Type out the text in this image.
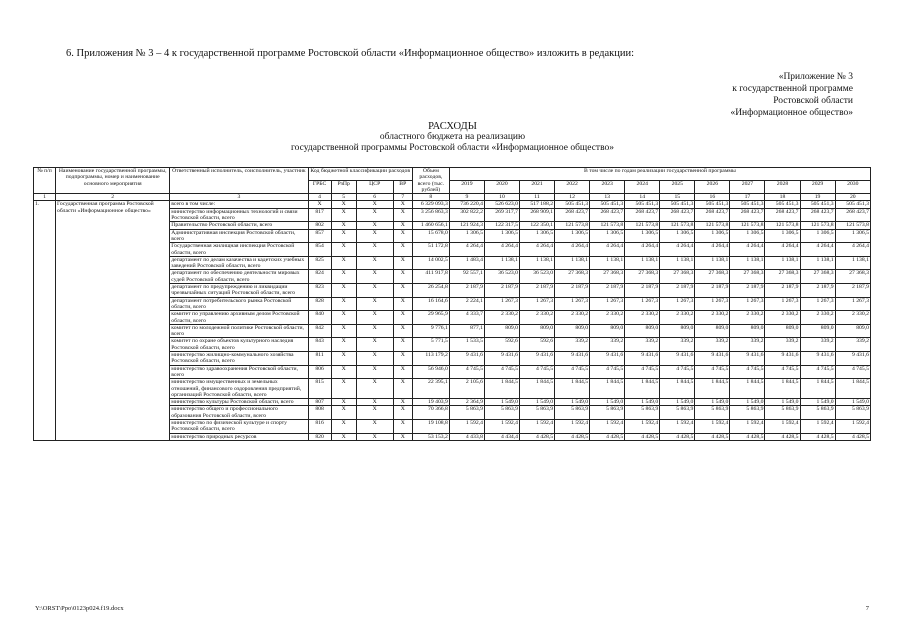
6. Приложения № 3 – 4 к государственной программе Ростовской области «Информационное общество» изложить в редакции:
«Приложение № 3
к государственной программе
Ростовской области
«Информационное общество»
РАСХОДЫ
областного бюджета на реализацию
государственной программы Ростовской области «Информационное общество»
№ п/п	Наименование государственной программы, подпрограммы, номер и наименование основного мероприятия	Ответственный исполнитель, соисполнитель, участник	Код бюджетной классификации расходов				Объем расходов, всего (тыс. рублей)	В том числе по годам реализации государственной программы											
			ГРБС	РзПр	ЦСР	ВР		2019	2020	2021	2022	2023	2024	2025	2026	2027	2028	2029	2030
1	2	3	4	5	6	7	8	9	10	11	12	13	14	15	16	17	18	19	20
1.	Государственная программа Ростовской области «Информационное общество»	всего в том числе:	X	X	X	X	6 329 093,3	736 220,4	526 623,0	517 188,2	505 451,3	505 451,3	505 451,3	505 451,3	505 451,3	505 451,3	505 451,3	505 451,3	505 451,3
		министерство информационных технологий и связи Ростовской области, всего	817	X	X	X	3 256 863,3	302 822,2	269 317,7	268 909,1	268 423,7	268 423,7	268 423,7	268 423,7	268 423,7	268 423,7	268 423,7	268 423,7	268 423,7
		Правительство Ростовской области, всего	802	X	X	X	1 460 656,1	121 924,3	122 317,5	122 350,1	121 573,8	121 573,8	121 573,8	121 573,8	121 573,8	121 573,8	121 573,8	121 573,8	121 573,8
		Административная инспекция Ростовской области, всего	857	X	X	X	15 678,0	1 306,5	1 306,5	1 306,5	1 306,5	1 306,5	1 306,5	1 306,5	1 306,5	1 306,5	1 306,5	1 306,5	1 306,5
		Государственная жилищная инспекция Ростовской области, всего	854	X	X	X	51 172,8	4 264,4	4 264,4	4 264,4	4 264,4	4 264,4	4 264,4	4 264,4	4 264,4	4 264,4	4 264,4	4 264,4	4 264,4
		департамент по делам казачества и кадетских учебных заведений Ростовской области, всего	825	X	X	X	14 002,5	1 483,4	1 138,1	1 138,1	1 138,1	1 138,1	1 138,1	1 138,1	1 138,1	1 138,1	1 138,1	1 138,1	1 138,1
		департамент по обеспечению деятельности мировых судей Ростовской области, всего	824	X	X	X	411 917,8	92 557,1	36 523,0	36 523,0	27 368,3	27 368,3	27 368,3	27 368,3	27 368,3	27 368,3	27 368,3	27 368,3	27 368,3
		департамент по предупреждению и ликвидации чрезвычайных ситуаций Ростовской области, всего	823	X	X	X	26 254,8	2 187,9	2 187,9	2 187,9	2 187,9	2 187,9	2 187,9	2 187,9	2 187,9	2 187,9	2 187,9	2 187,9	2 187,9
		департамент потребительского рынка Ростовской области, всего	828	X	X	X	16 164,6	2 224,1	1 267,3	1 267,3	1 267,3	1 267,3	1 267,3	1 267,3	1 267,3	1 267,3	1 267,3	1 267,3	1 267,3
		комитет по управлению архивным делом Ростовской области, всего	840	X	X	X	29 965,9	4 333,7	2 330,2	2 330,2	2 330,2	2 330,2	2 330,2	2 330,2	2 330,2	2 330,2	2 330,2	2 330,2	2 330,2
		комитет по молодежной политике Ростовской области, всего	842	X	X	X	9 776,1	877,1	809,0	809,0	809,0	809,0	809,0	809,0	809,0	809,0	809,0	809,0	809,0
		комитет по охране объектов культурного наследия Ростовской области, всего	843	X	X	X	5 771,5	1 533,5	592,6	592,6	339,2	339,2	339,2	339,2	339,2	339,2	339,2	339,2	339,2
		министерство жилищно-коммунального хозяйства Ростовской области, всего	811	X	X	X	113 179,2	9 431,6	9 431,6	9 431,6	9 431,6	9 431,6	9 431,6	9 431,6	9 431,6	9 431,6	9 431,6	9 431,6	9 431,6
		министерство здравоохранения Ростовской области, всего	806	X	X	X	56 946,0	4 745,5	4 745,5	4 745,5	4 745,5	4 745,5	4 745,5	4 745,5	4 745,5	4 745,5	4 745,5	4 745,5	4 745,5
		министерство имущественных и земельных отношений, финансового оздоровления предприятий, организаций Ростовской области, всего	815	X	X	X	22 395,1	2 105,6	1 844,5	1 844,5	1 844,5	1 844,5	1 844,5	1 844,5	1 844,5	1 844,5	1 844,5	1 844,5	1 844,5
		министерство культуры Ростовской области, всего	807	X	X	X	19 403,9	2 364,9	1 549,0	1 549,0	1 549,0	1 549,0	1 549,0	1 549,0	1 549,0	1 549,0	1 549,0	1 549,0	1 549,0
		министерство общего и профессионального образования Ростовской области, всего	808	X	X	X	70 366,8	5 863,9	5 863,9	5 863,9	5 863,9	5 863,9	5 863,9	5 863,9	5 863,9	5 863,9	5 863,9	5 863,9	5 863,9
		министерство по физической культуре и спорту Ростовской области, всего	816	X	X	X	19 108,8	1 592,4	1 592,4	1 592,4	1 592,4	1 592,4	1 592,4	1 592,4	1 592,4	1 592,4	1 592,4	1 592,4	1 592,4
		министерство природных ресурсов	820	X	X	X	53 153,2	4 433,8	4 434,4	4 428,5	4 428,5	4 428,5	4 428,5	4 428,5	4 428,5	4 428,5	4 428,5	4 428,5	4 428,5
Y:\ORST\Ppo\0123p024.f19.docx	7
